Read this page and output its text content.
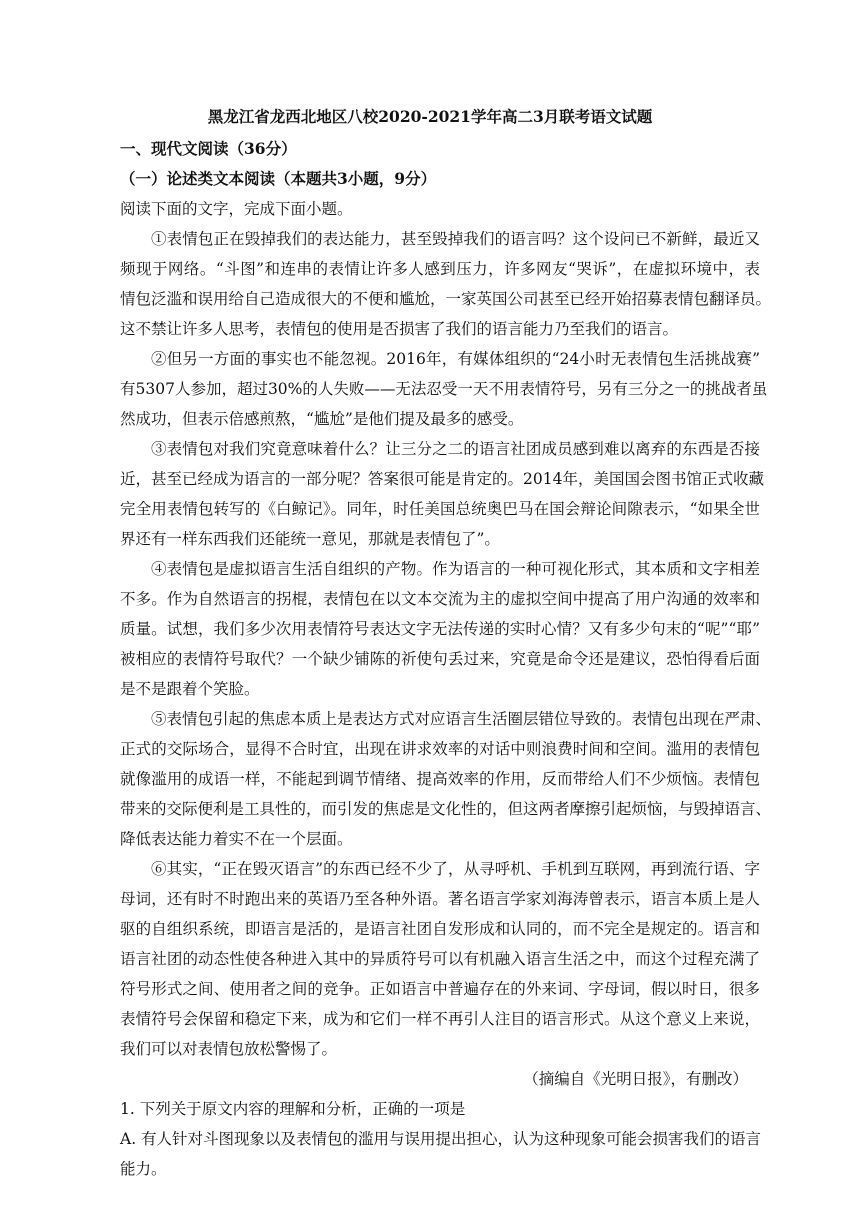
黑龙江省龙西北地区八校2020-2021学年高二3月联考语文试题
一、现代文阅读（36分）
（一）论述类文本阅读（本题共3小题，9分）
阅读下面的文字，完成下面小题。
①表情包正在毁掉我们的表达能力，甚至毁掉我们的语言吗？这个设问已不新鲜，最近又
频现于网络。“斗图”和连串的表情让许多人感到压力，许多网友“哭诉”，在虚拟环境中，表
情包泛滥和误用给自己造成很大的不便和尴尬，一家英国公司甚至已经开始招募表情包翻译员。
这不禁让许多人思考，表情包的使用是否损害了我们的语言能力乃至我们的语言。
②但另一方面的事实也不能忽视。2016年，有媒体组织的“24小时无表情包生活挑战赛”
有5307人参加，超过30%的人失败——无法忍受一天不用表情符号，另有三分之一的挑战者虽
然成功，但表示倍感煎熬，“尴尬”是他们提及最多的感受。
③表情包对我们究竟意味着什么？让三分之二的语言社团成员感到难以离弃的东西是否接
近，甚至已经成为语言的一部分呢？答案很可能是肯定的。2014年，美国国会图书馆正式收藏
完全用表情包转写的《白鲸记》。同年，时任美国总统奥巴马在国会辩论间隙表示，“如果全世
界还有一样东西我们还能统一意见，那就是表情包了”。
④表情包是虚拟语言生活自组织的产物。作为语言的一种可视化形式，其本质和文字相差
不多。作为自然语言的拐棍，表情包在以文本交流为主的虚拟空间中提高了用户沟通的效率和
质量。试想，我们多少次用表情符号表达文字无法传递的实时心情？又有多少句末的“呢”“耶”
被相应的表情符号取代？一个缺少铺陈的祈使句丢过来，究竟是命令还是建议，恐怕得看后面
是不是跟着个笑脸。
⑤表情包引起的焦虑本质上是表达方式对应语言生活圈层错位导致的。表情包出现在严肃、
正式的交际场合，显得不合时宜，出现在讲求效率的对话中则浪费时间和空间。滥用的表情包
就像滥用的成语一样，不能起到调节情绪、提高效率的作用，反而带给人们不少烦恼。表情包
带来的交际便利是工具性的，而引发的焦虑是文化性的，但这两者摩擦引起烦恼，与毁掉语言、
降低表达能力着实不在一个层面。
⑥其实，“正在毁灭语言”的东西已经不少了，从寻呼机、手机到互联网，再到流行语、字
母词，还有时不时跑出来的英语乃至各种外语。著名语言学家刘海涛曾表示，语言本质上是人
驱的自组织系统，即语言是活的，是语言社团自发形成和认同的，而不完全是规定的。语言和
语言社团的动态性使各种进入其中的异质符号可以有机融入语言生活之中，而这个过程充满了
符号形式之间、使用者之间的竞争。正如语言中普遍存在的外来词、字母词，假以时日，很多
表情符号会保留和稳定下来，成为和它们一样不再引人注目的语言形式。从这个意义上来说，
我们可以对表情包放松警惕了。
（摘编自《光明日报》，有删改）
1. 下列关于原文内容的理解和分析，正确的一项是
A. 有人针对斗图现象以及表情包的滥用与误用提出担心，认为这种现象可能会损害我们的语言
能力。
